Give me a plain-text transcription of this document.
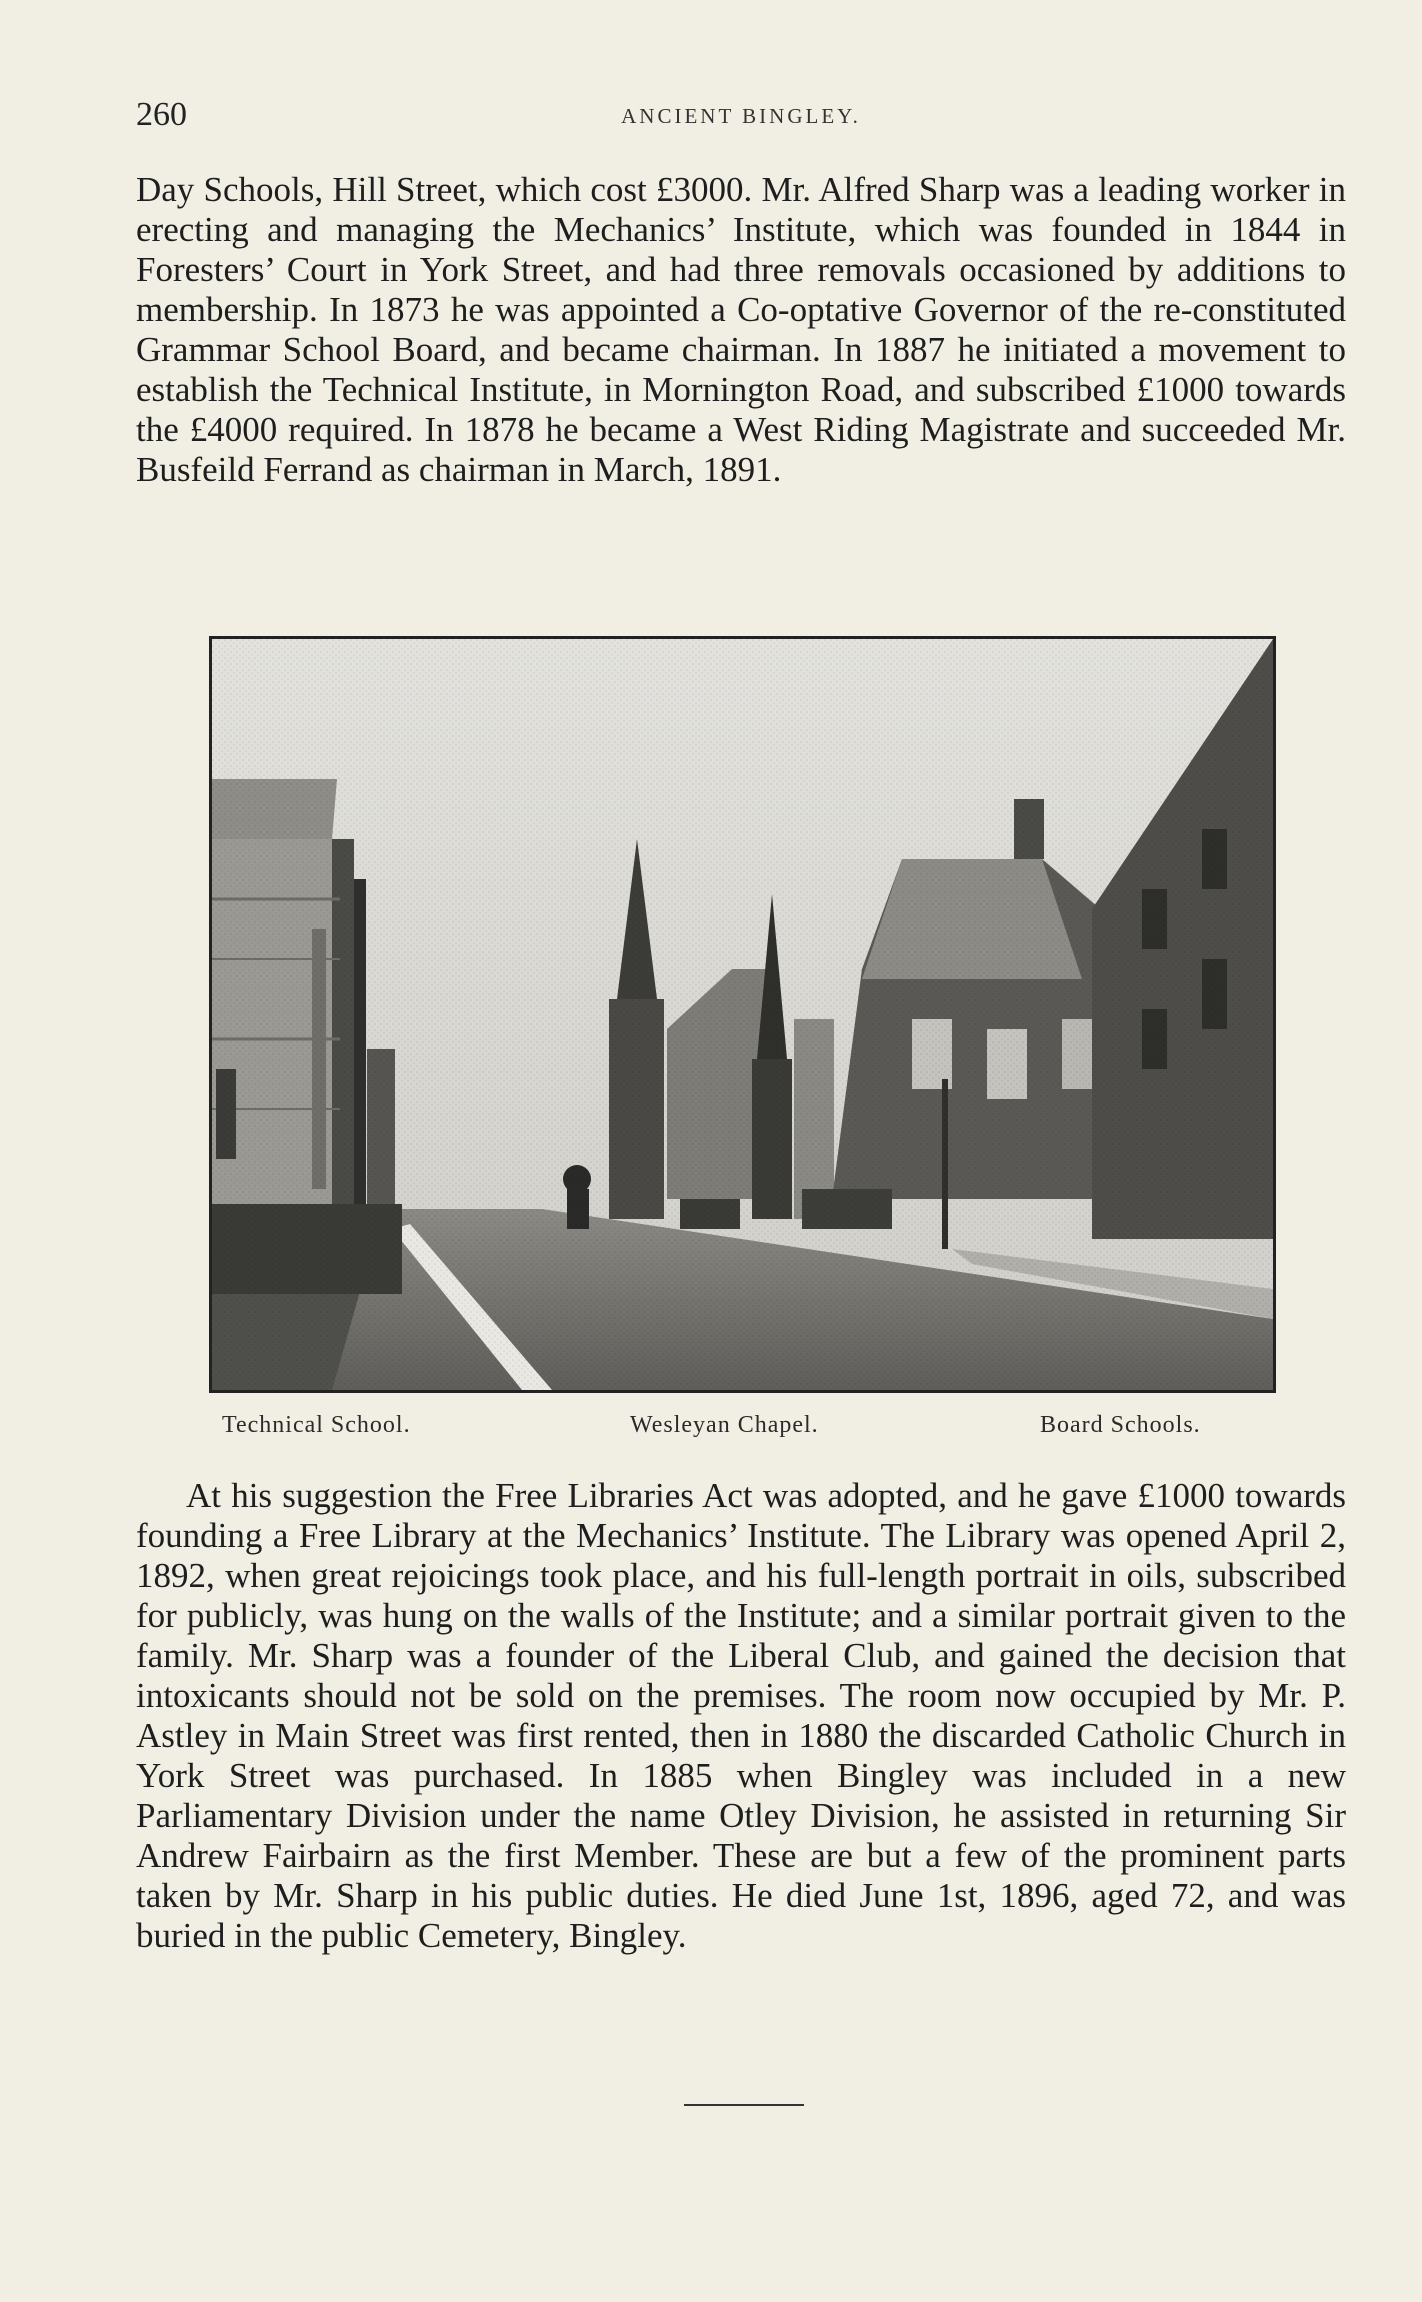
260	ANCIENT BINGLEY.

Day Schools, Hill Street, which cost £3000. Mr. Alfred Sharp was a leading worker in erecting and managing the Mechanics’ Institute, which was founded in 1844 in Foresters’ Court in York Street, and had three removals occasioned by additions to membership. In 1873 he was appointed a Co-optative Governor of the re-constituted Grammar School Board, and became chairman. In 1887 he initiated a movement to establish the Technical Institute, in Mornington Road, and subscribed £1000 towards the £4000 required. In 1878 he became a West Riding Magistrate and succeeded Mr. Busfeild Ferrand as chairman in March, 1891.

Technical School.	Wesleyan Chapel.	Board Schools.

At his suggestion the Free Libraries Act was adopted, and he gave £1000 towards founding a Free Library at the Mechanics’ Institute. The Library was opened April 2, 1892, when great rejoicings took place, and his full-length portrait in oils, subscribed for publicly, was hung on the walls of the Institute; and a similar portrait given to the family. Mr. Sharp was a founder of the Liberal Club, and gained the decision that intoxicants should not be sold on the premises. The room now occupied by Mr. P. Astley in Main Street was first rented, then in 1880 the discarded Catholic Church in York Street was purchased. In 1885 when Bingley was included in a new Parliamentary Division under the name Otley Division, he assisted in returning Sir Andrew Fairbairn as the first Member. These are but a few of the prominent parts taken by Mr. Sharp in his public duties. He died June 1st, 1896, aged 72, and was buried in the public Cemetery, Bingley.
